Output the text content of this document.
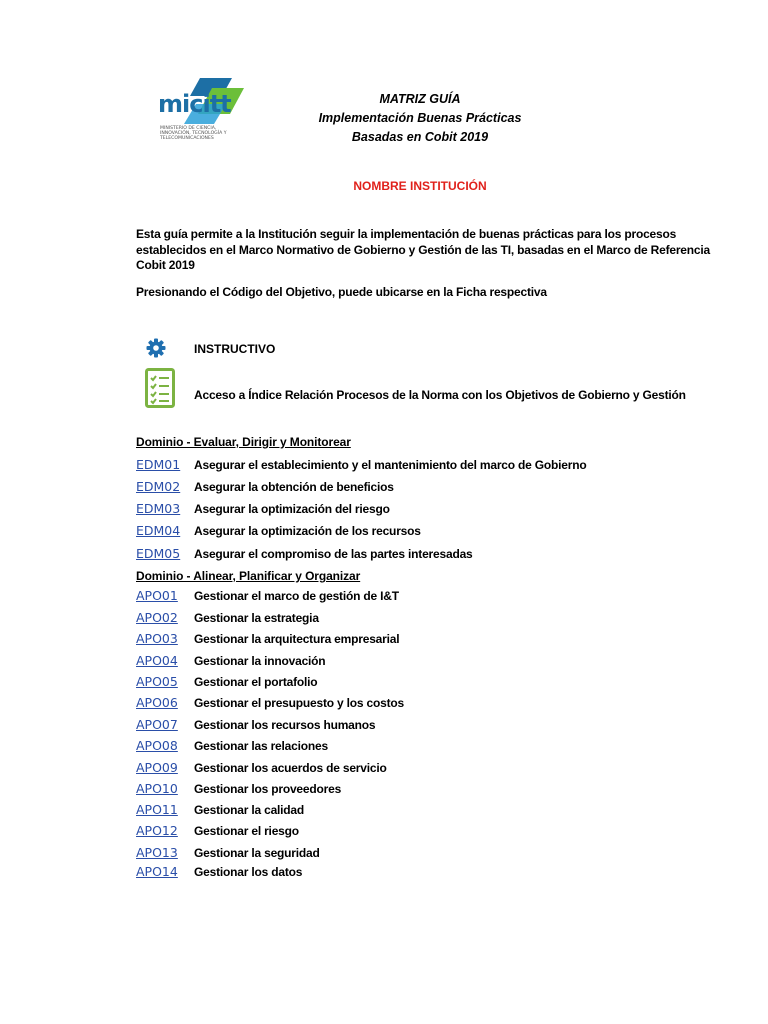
micitt
MINISTERIO DE CIENCIA, INNOVACIÓN, TECNOLOGÍA Y TELECOMUNICACIONES
MATRIZ GUÍA
Implementación Buenas Prácticas
Basadas en Cobit 2019
NOMBRE INSTITUCIÓN
Esta guía permite a la Institución seguir la implementación de buenas prácticas para los procesos establecidos en el Marco Normativo de Gobierno y Gestión de las TI, basadas en el Marco de Referencia Cobit 2019
Presionando el Código del Objetivo, puede ubicarse en la Ficha respectiva
INSTRUCTIVO
Acceso a Índice Relación Procesos de la Norma con los Objetivos de Gobierno y Gestión
Dominio - Evaluar, Dirigir y Monitorear
EDM01 Asegurar el establecimiento y el mantenimiento del marco de Gobierno
EDM02 Asegurar la obtención de beneficios
EDM03 Asegurar la optimización del riesgo
EDM04 Asegurar la optimización de los recursos
EDM05 Asegurar el compromiso de las partes interesadas
Dominio - Alinear, Planificar y Organizar
APO01 Gestionar el marco de gestión de I&T
APO02 Gestionar la estrategia
APO03 Gestionar la arquitectura empresarial
APO04 Gestionar la innovación
APO05 Gestionar el portafolio
APO06 Gestionar el presupuesto y los costos
APO07 Gestionar los recursos humanos
APO08 Gestionar las relaciones
APO09 Gestionar los acuerdos de servicio
APO10 Gestionar los proveedores
APO11 Gestionar la calidad
APO12 Gestionar el riesgo
APO13 Gestionar la seguridad
APO14 Gestionar los datos
